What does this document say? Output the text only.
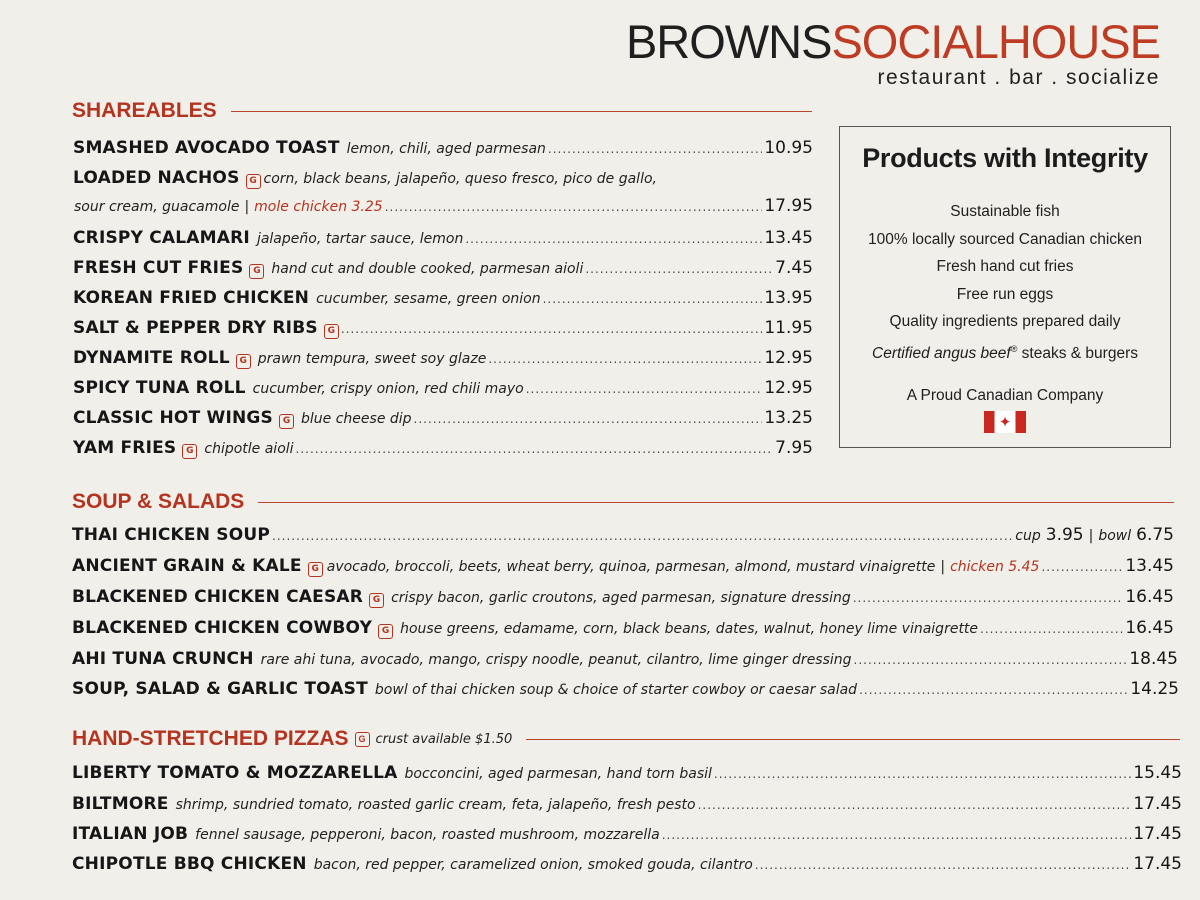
BROWNSSOCIALHOUSE
restaurant . bar . socialize
SHAREABLES
SMASHED AVOCADO TOAST lemon, chili, aged parmesan .....	10.95
LOADED NACHOS	G corn, black beans, jalapeño, queso fresco, pico de gallo,
sour cream, guacamole | mole chicken 3.25 .....	17.95
CRISPY CALAMARI jalapeño, tartar sauce, lemon .....	13.45
FRESH CUT FRIES	G hand cut and double cooked, parmesan aioli .....	7.45
KOREAN FRIED CHICKEN cucumber, sesame, green onion .....	13.95
SALT & PEPPER DRY RIBS	G .....	11.95
DYNAMITE ROLL	G prawn tempura, sweet soy glaze .....	12.95
SPICY TUNA ROLL cucumber, crispy onion, red chili mayo .....	12.95
CLASSIC HOT WINGS	G blue cheese dip .....	13.25
YAM FRIES	G chipotle aioli .....	7.95
Products with Integrity
Sustainable fish
100% locally sourced Canadian chicken
Fresh hand cut fries
Free run eggs
Quality ingredients prepared daily
Certified angus beef® steaks & burgers
A Proud Canadian Company
✦
SOUP & SALADS
THAI CHICKEN SOUP .....	cup 3.95 | bowl 6.75
ANCIENT GRAIN & KALE	G avocado, broccoli, beets, wheat berry, quinoa, parmesan, almond, mustard vinaigrette | chicken 5.45 .....	13.45
BLACKENED CHICKEN CAESAR	G crispy bacon, garlic croutons, aged parmesan, signature dressing .....	16.45
BLACKENED CHICKEN COWBOY	G house greens, edamame, corn, black beans, dates, walnut, honey lime vinaigrette .....	16.45
AHI TUNA CRUNCH rare ahi tuna, avocado, mango, crispy noodle, peanut, cilantro, lime ginger dressing .....	18.45
SOUP, SALAD & GARLIC TOAST bowl of thai chicken soup & choice of starter cowboy or caesar salad .....	14.25
HAND-STRETCHED PIZZAS	G crust available $1.50
LIBERTY TOMATO & MOZZARELLA bocconcini, aged parmesan, hand torn basil .....	15.45
BILTMORE shrimp, sundried tomato, roasted garlic cream, feta, jalapeño, fresh pesto .....	17.45
ITALIAN JOB fennel sausage, pepperoni, bacon, roasted mushroom, mozzarella .....	17.45
CHIPOTLE BBQ CHICKEN bacon, red pepper, caramelized onion, smoked gouda, cilantro .....	17.45
